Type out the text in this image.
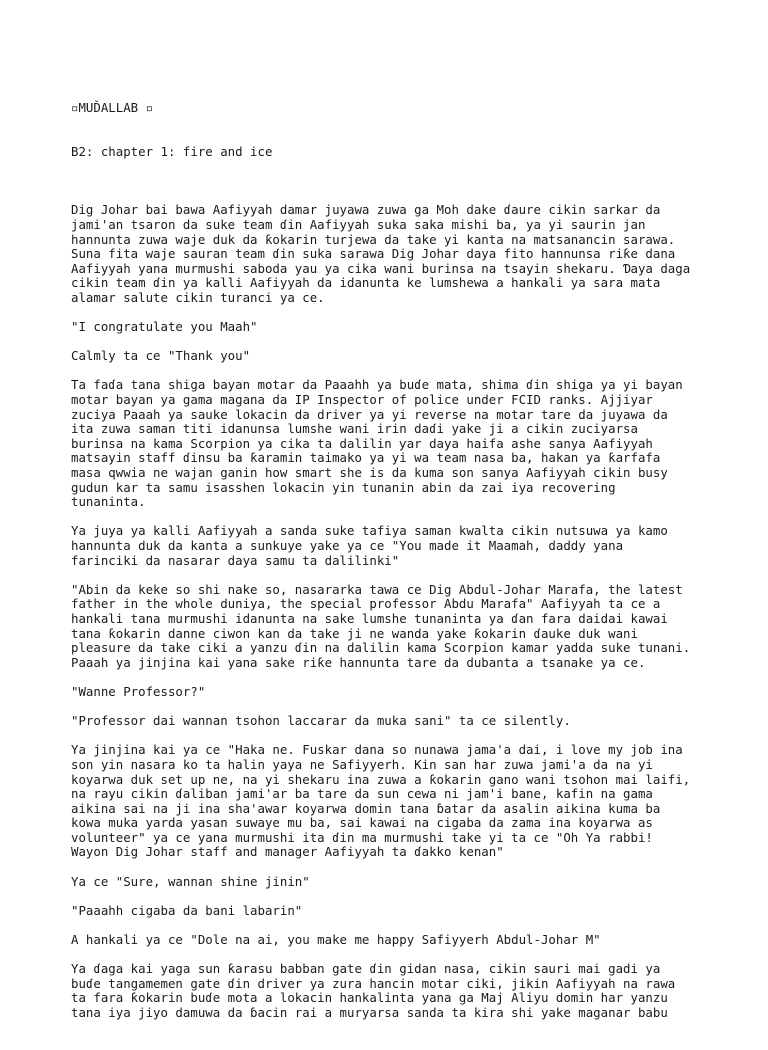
▫MUĎALLAB ▫

B2: chapter 1: fire and ice

Dig Johar bai bawa Aafiyyah damar juyawa zuwa ga Moh dake ɗaure cikin sarkar da
jami'an tsaron da suke team ɗin Aafiyyah suka saka mishi ba, ya yi saurin jan
hannunta zuwa waje duk da ƙokarin turjewa da take yi kanta na matsanancin sarawa.
Suna fita waje sauran team ɗin suka sarawa Dig Johar daya fito hannunsa riƙe dana
Aafiyyah yana murmushi saboda yau ya cika wani burinsa na tsayin shekaru. Ɗaya daga
cikin team ɗin ya kalli Aafiyyah da idanunta ke lumshewa a hankali ya sara mata
alamar salute cikin turanci ya ce.
"I congratulate you Maah"
Calmly ta ce "Thank you"
Ta faɗa tana shiga bayan motar da Paaahh ya buɗe mata, shima ɗin shiga ya yi bayan
motar bayan ya gama magana da IP Inspector of police under FCID ranks. Ajjiyar
zuciya Paaah ya sauke lokacin da driver ya yi reverse na motar tare da juyawa da
ita zuwa saman titi idanunsa lumshe wani irin daɗi yake ji a cikin zuciyarsa
burinsa na kama Scorpion ya cika ta dalilin ƴar daya haifa ashe sanya Aafiyyah
matsayin staff ɗinsu ba ƙaramin taimako ya yi wa team nasa ba, hakan ya ƙarfafa
masa qwwia ne wajan ganin how smart she is da kuma son sanya Aafiyyah cikin busy
gudun kar ta samu isasshen lokacin yin tunanin abin da zai iya recovering
tunaninta.
Ya juya ya kalli Aafiyyah a sanda suke tafiya saman kwalta cikin nutsuwa ya kamo
hannunta duk da kanta a sunkuye yake ya ce "You made it Maamah, daddy yana
farinciki da nasarar daya samu ta dalilinki"
"Abin da keke so shi nake so, nasararka tawa ce Dig Abdul-Johar Marafa, the latest
father in the whole duniya, the special professor Abdu Marafa" Aafiyyah ta ce a
hankali tana murmushi idanunta na sake lumshe tunaninta ya ɗan fara daidai kawai
tana ƙokarin danne ciwon kan da take ji ne wanda yake ƙokarin ɗauke duk wani
pleasure da take ciki a yanzu ɗin na dalilin kama Scorpion kamar yadda suke tunani.
Paaah ya jinjina kai yana sake riƙe hannunta tare da dubanta a tsanake ya ce.
"Wanne Professor?"
"Professor dai wannan tsohon laccarar da muka sani" ta ce silently.
Ya jinjina kai ya ce "Haka ne. Fuskar dana so nunawa jama'a dai, i love my job ina
son yin nasara ko ta halin yaya ne Safiyyerh. Kin san har zuwa jami'a da na yi
koyarwa duk set up ne, na yi shekaru ina zuwa a ƙokarin gano wani tsohon mai laifi,
na rayu cikin ɗaliban jami'ar ba tare da sun cewa ni jam'i bane, kafin na gama
aikina sai na ji ina sha'awar koyarwa domin tana ɓatar da asalin aikina kuma ba
kowa muka yarda yasan suwaye mu ba, sai kawai na cigaba da zama ina koyarwa as
volunteer" ya ce yana murmushi ita ɗin ma murmushi take yi ta ce "Oh Ya rabbi!
Wayon Dig Johar staff and manager Aafiyyah ta ɗakko kenan"
Ya ce "Sure, wannan shine jinin"
"Paaahh cigaba da bani labarin"
A hankali ya ce "Dole na ai, you make me happy Safiyyerh Abdul-Johar M"
Ya ɗaga kai yaga sun ƙarasu babban gate ɗin gidan nasa, cikin sauri mai gadi ya
buɗe tangamemen gate ɗin driver ya zura hancin motar ciki, jikin Aafiyyah na rawa
ta fara ƙokarin buɗe mota a lokacin hankalinta yana ga Maj Aliyu domin har yanzu
tana iya jiyo damuwa da ɓacin rai a muryarsa sanda ta kira shi yake maganar babu
